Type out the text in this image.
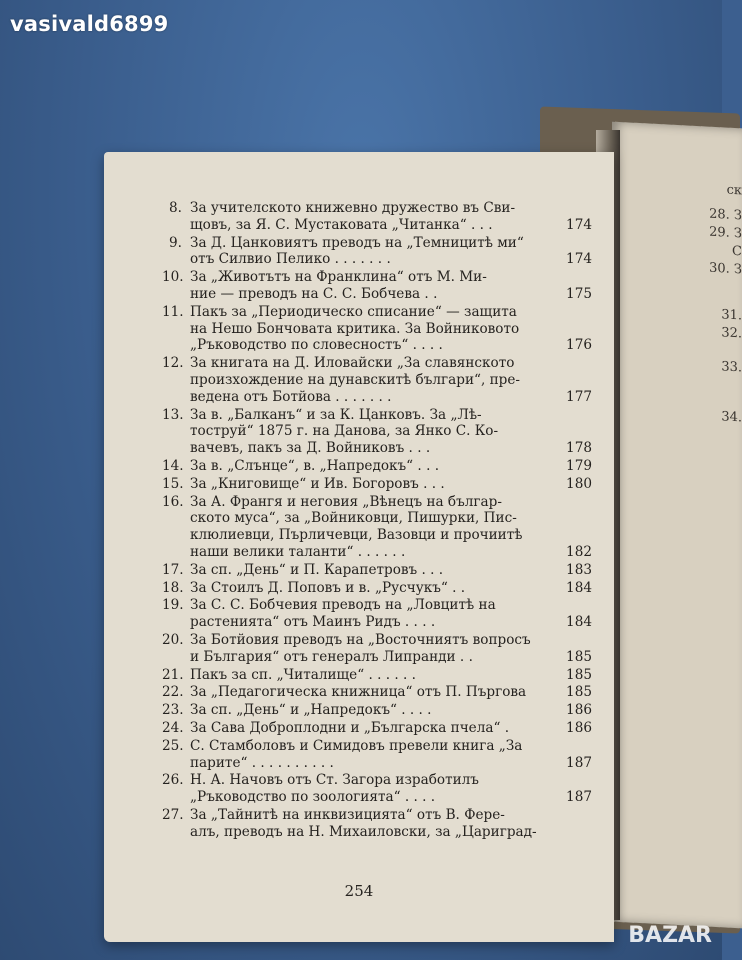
vasivald6899
ск
28. З
29. З
С
30. З
31.
32.
33.
34.
8. За учителското книжевно дружество въ Сви-
щовъ, за Я. С. Мустаковата „Читанка“ . . .	174
9. За Д. Цанковиятъ преводъ на „Темницитѣ ми“
отъ Силвио Пелико . . . . . . .	174
10. За „Животътъ на Франклина“ отъ М. Ми-
ние — преводъ на С. С. Бобчева . .	175
11. Пакъ за „Периодическо списание“ — защита
на Нешо Бончовата критика. За Войниковото
„Ръководство по словесностъ“ . . . .	176
12. За книгата на Д. Иловайски „За славянското
произхождение на дунавскитѣ българи“, пре-
ведена отъ Ботйова . . . . . . .	177
13. За в. „Балканъ“ и за К. Цанковъ. За „Лѣ-
тоструй“ 1875 г. на Данова, за Янко С. Ко-
вачевъ, пакъ за Д. Войниковъ . . .	178
14. За в. „Слънце“, в. „Напредокъ“ . . .	179
15. За „Книговище“ и Ив. Богоровъ . . .	180
16. За А. Франгя и неговия „Вѣнецъ на българ-
ското муса“, за „Войниковци, Пишурки, Пис-
клюлиевци, Пърличевци, Вазовци и прочиитѣ
наши велики таланти“ . . . . . .	182
17. За сп. „День“ и П. Карапетровъ . . .	183
18. За Стоилъ Д. Поповъ и в. „Русчукъ“ . .	184
19. За С. С. Бобчевия преводъ на „Ловцитѣ на
растенията“ отъ Маинъ Ридъ . . . .	184
20. За Ботйовия преводъ на „Восточниятъ вопросъ
и България“ отъ генералъ Липранди . .	185
21. Пакъ за сп. „Читалище“ . . . . . .	185
22. За „Педагогическа книжница“ отъ П. Пъргова	185
23. За сп. „День“ и „Напредокъ“ . . . .	186
24. За Сава Доброплодни и „Българска пчела“ .	186
25. С. Стамболовъ и Симидовъ превели книга „За
парите“ . . . . . . . . . .	187
26. Н. А. Начовъ отъ Ст. Загора изработилъ
„Ръководство по зоологията“ . . . .	187
27. За „Тайнитѣ на инквизицията“ отъ В. Фере-
алъ, преводъ на Н. Михаиловски, за „Цариград-
254
BAZAR
